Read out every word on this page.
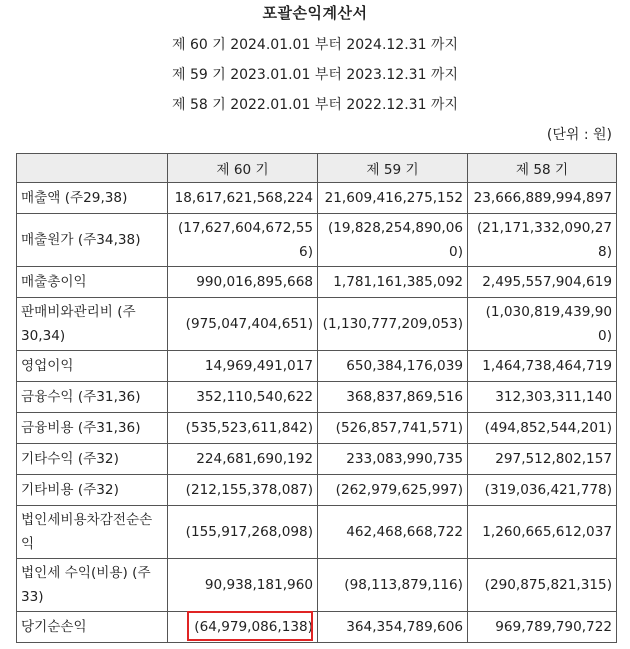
포괄손익계산서
제 60 기 2024.01.01 부터 2024.12.31 까지
제 59 기 2023.01.01 부터 2023.12.31 까지
제 58 기 2022.01.01 부터 2022.12.31 까지
(단위 : 원)
	제 60 기	제 59 기	제 58 기
매출액 (주29,38)	18,617,621,568,224	21,609,416,275,152	23,666,889,994,897
매출원가 (주34,38)	(17,627,604,672,556)	(19,828,254,890,060)	(21,171,332,090,278)
매출총이익	990,016,895,668	1,781,161,385,092	2,495,557,904,619
판매비와관리비 (주30,34)	(975,047,404,651)	(1,130,777,209,053)	(1,030,819,439,900)
영업이익	14,969,491,017	650,384,176,039	1,464,738,464,719
금융수익 (주31,36)	352,110,540,622	368,837,869,516	312,303,311,140
금융비용 (주31,36)	(535,523,611,842)	(526,857,741,571)	(494,852,544,201)
기타수익 (주32)	224,681,690,192	233,083,990,735	297,512,802,157
기타비용 (주32)	(212,155,378,087)	(262,979,625,997)	(319,036,421,778)
법인세비용차감전순손익	(155,917,268,098)	462,468,668,722	1,260,665,612,037
법인세 수익(비용) (주33)	90,938,181,960	(98,113,879,116)	(290,875,821,315)
당기순손익	(64,979,086,138)	364,354,789,606	969,789,790,722
